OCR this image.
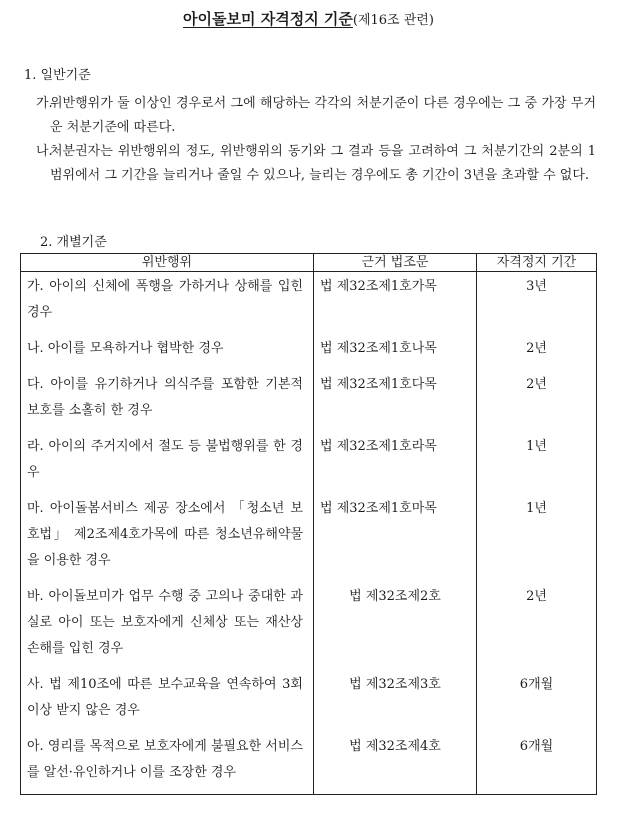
아이돌보미 자격정지 기준(제16조 관련)
1. 일반기준
가.
위반행위가 둘 이상인 경우로서 그에 해당하는 각각의 처분기준이 다른 경우에는 그 중 가장 무거운 처분기준에 따른다.
나.
처분권자는 위반행위의 정도, 위반행위의 동기와 그 결과 등을 고려하여 그 처분기간의 2분의 1 범위에서 그 기간을 늘리거나 줄일 수 있으나, 늘리는 경우에도 총 기간이 3년을 초과할 수 없다.
2. 개별기준
위반행위	근거 법조문	자격정지 기간

가. 아이의 신체에 폭행을 가하거나 상해를 입힌 경우	법 제32조제1호가목	3년

나. 아이를 모욕하거나 협박한 경우	법 제32조제1호나목	2년

다. 아이를 유기하거나 의식주를 포함한 기본적 보호를 소홀히 한 경우	법 제32조제1호다목	2년

라. 아이의 주거지에서 절도 등 불법행위를 한 경우	법 제32조제1호라목	1년

마. 아이돌봄서비스 제공 장소에서 「청소년 보호법」 제2조제4호가목에 따른 청소년유해약물을 이용한 경우	법 제32조제1호마목	1년

바. 아이돌보미가 업무 수행 중 고의나 중대한 과실로 아이 또는 보호자에게 신체상 또는 재산상 손해를 입힌 경우	법 제32조제2호	2년

사. 법 제10조에 따른 보수교육을 연속하여 3회 이상 받지 않은 경우	법 제32조제3호	6개월

아. 영리를 목적으로 보호자에게 불필요한 서비스를 알선·유인하거나 이를 조장한 경우	법 제32조제4호	6개월
